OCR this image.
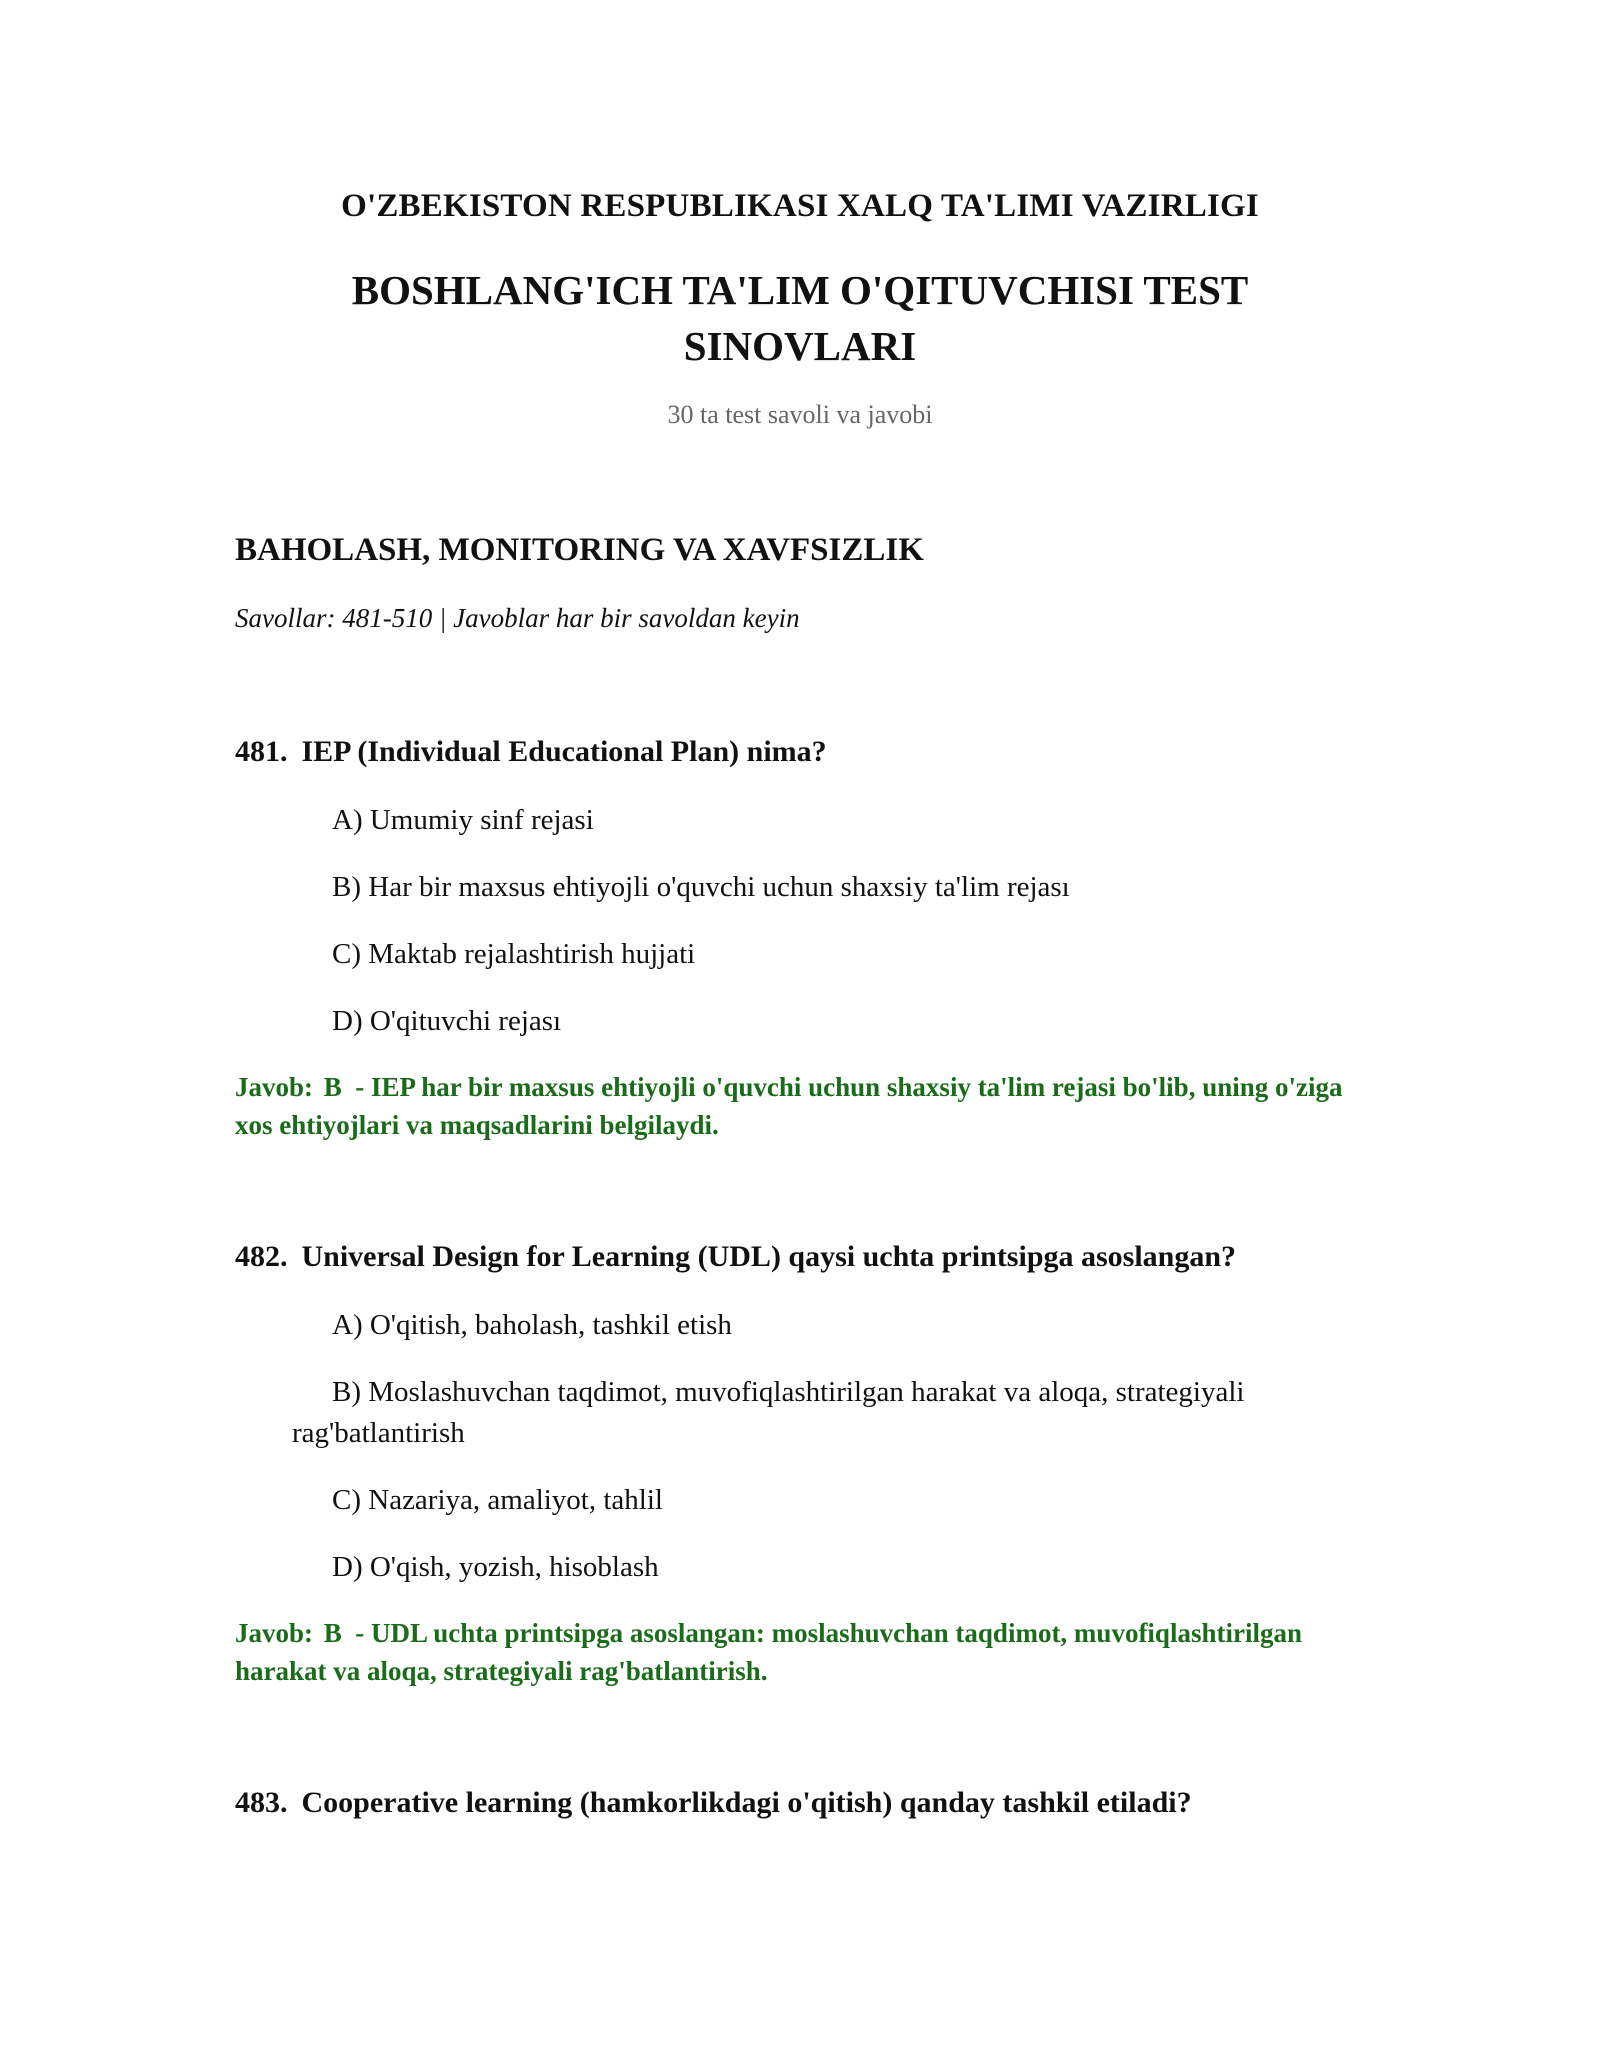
O'ZBEKISTON RESPUBLIKASI XALQ TA'LIMI VAZIRLIGI
BOSHLANG'ICH TA'LIM O'QITUVCHISI TEST SINOVLARI
30 ta test savoli va javobi
BAHOLASH, MONITORING VA XAVFSIZLIK
Savollar: 481-510 | Javoblar har bir savoldan keyin
481. IEP (Individual Educational Plan) nima?
A) Umumiy sinf rejasi
B) Har bir maxsus ehtiyojli o'quvchi uchun shaxsiy ta'lim rejası
C) Maktab rejalashtirish hujjati
D) O'qituvchi rejası
Javob: B - IEP har bir maxsus ehtiyojli o'quvchi uchun shaxsiy ta'lim rejasi bo'lib, uning o'ziga xos ehtiyojlari va maqsadlarini belgilaydi.
482. Universal Design for Learning (UDL) qaysi uchta printsipga asoslangan?
A) O'qitish, baholash, tashkil etish
B) Moslashuvchan taqdimot, muvofiqlashtirilgan harakat va aloqa, strategiyali rag'batlantirish
C) Nazariya, amaliyot, tahlil
D) O'qish, yozish, hisoblash
Javob: B - UDL uchta printsipga asoslangan: moslashuvchan taqdimot, muvofiqlashtirilgan harakat va aloqa, strategiyali rag'batlantirish.
483. Cooperative learning (hamkorlikdagi o'qitish) qanday tashkil etiladi?
